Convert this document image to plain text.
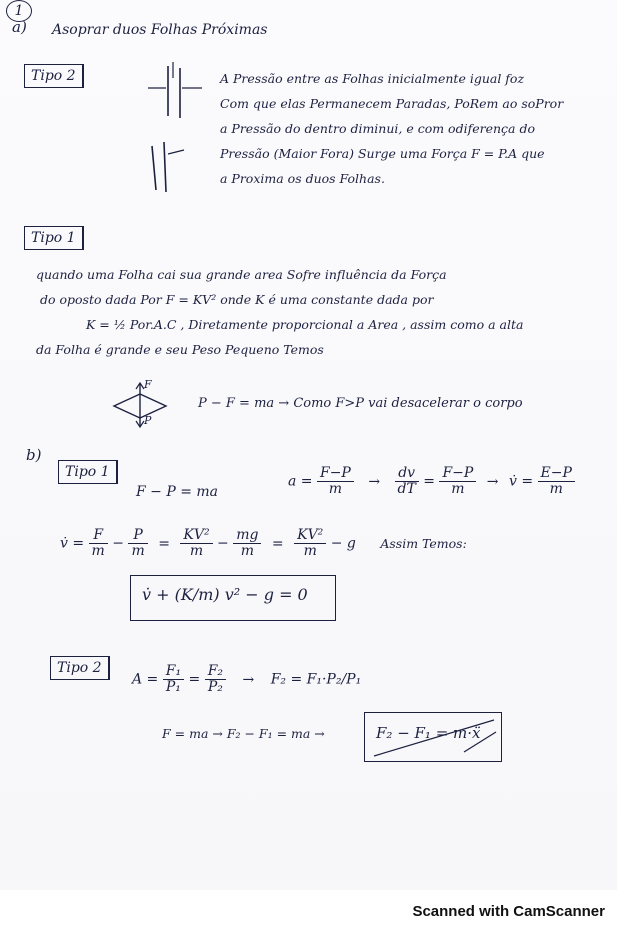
1
a) Asoprar duos Folhas Próximas
Tipo 2	A Pressão entre as Folhas inicialmente igual foz
Com que elas Permanecem Paradas, PoRem ao soPror
a Pressão do dentro diminui, e com odiferença do
Pressão (Maior Fora) Surge uma Força F = P.A que
a Proxima os duos Folhas.
Tipo 1
quando uma Folha cai sua grande area Sofre influência da Força
do oposto dada Por F = KV² onde K é uma constante dada por
K = ½ Por.A.C , Diretamente proporcional a Area , assim como a alta
da Folha é grande e seu Peso Pequeno Temos
F
P
P − F = ma → Como F>P vai desacelerar o corpo
b)
Tipo 1
F − P = ma
$a = \frac{F-P}{m} \to \frac{dv}{dT} = \frac{F-P}{m}$ → v̇ = $\frac{E-P}{m}$
v̇ = $\frac{F}{m} - \frac{P}{m} = \frac{\text{KV²}}{m} - \frac{mg}{m} = \frac{\text{KV²}}{m} - g$ Assim Temos:
v̇ + (K/m) v² − g = 0
Tipo 2
$A = \frac{\text{F₁}}{\text{P₁}} = \frac{\text{F₂}}{\text{P₂}} \to F_2 = F_1\cdot P_2/P_1$
F = ma → F₂ − F₁ = ma →	F₂ − F₁ = m·ẍ
Scanned with CamScanner
